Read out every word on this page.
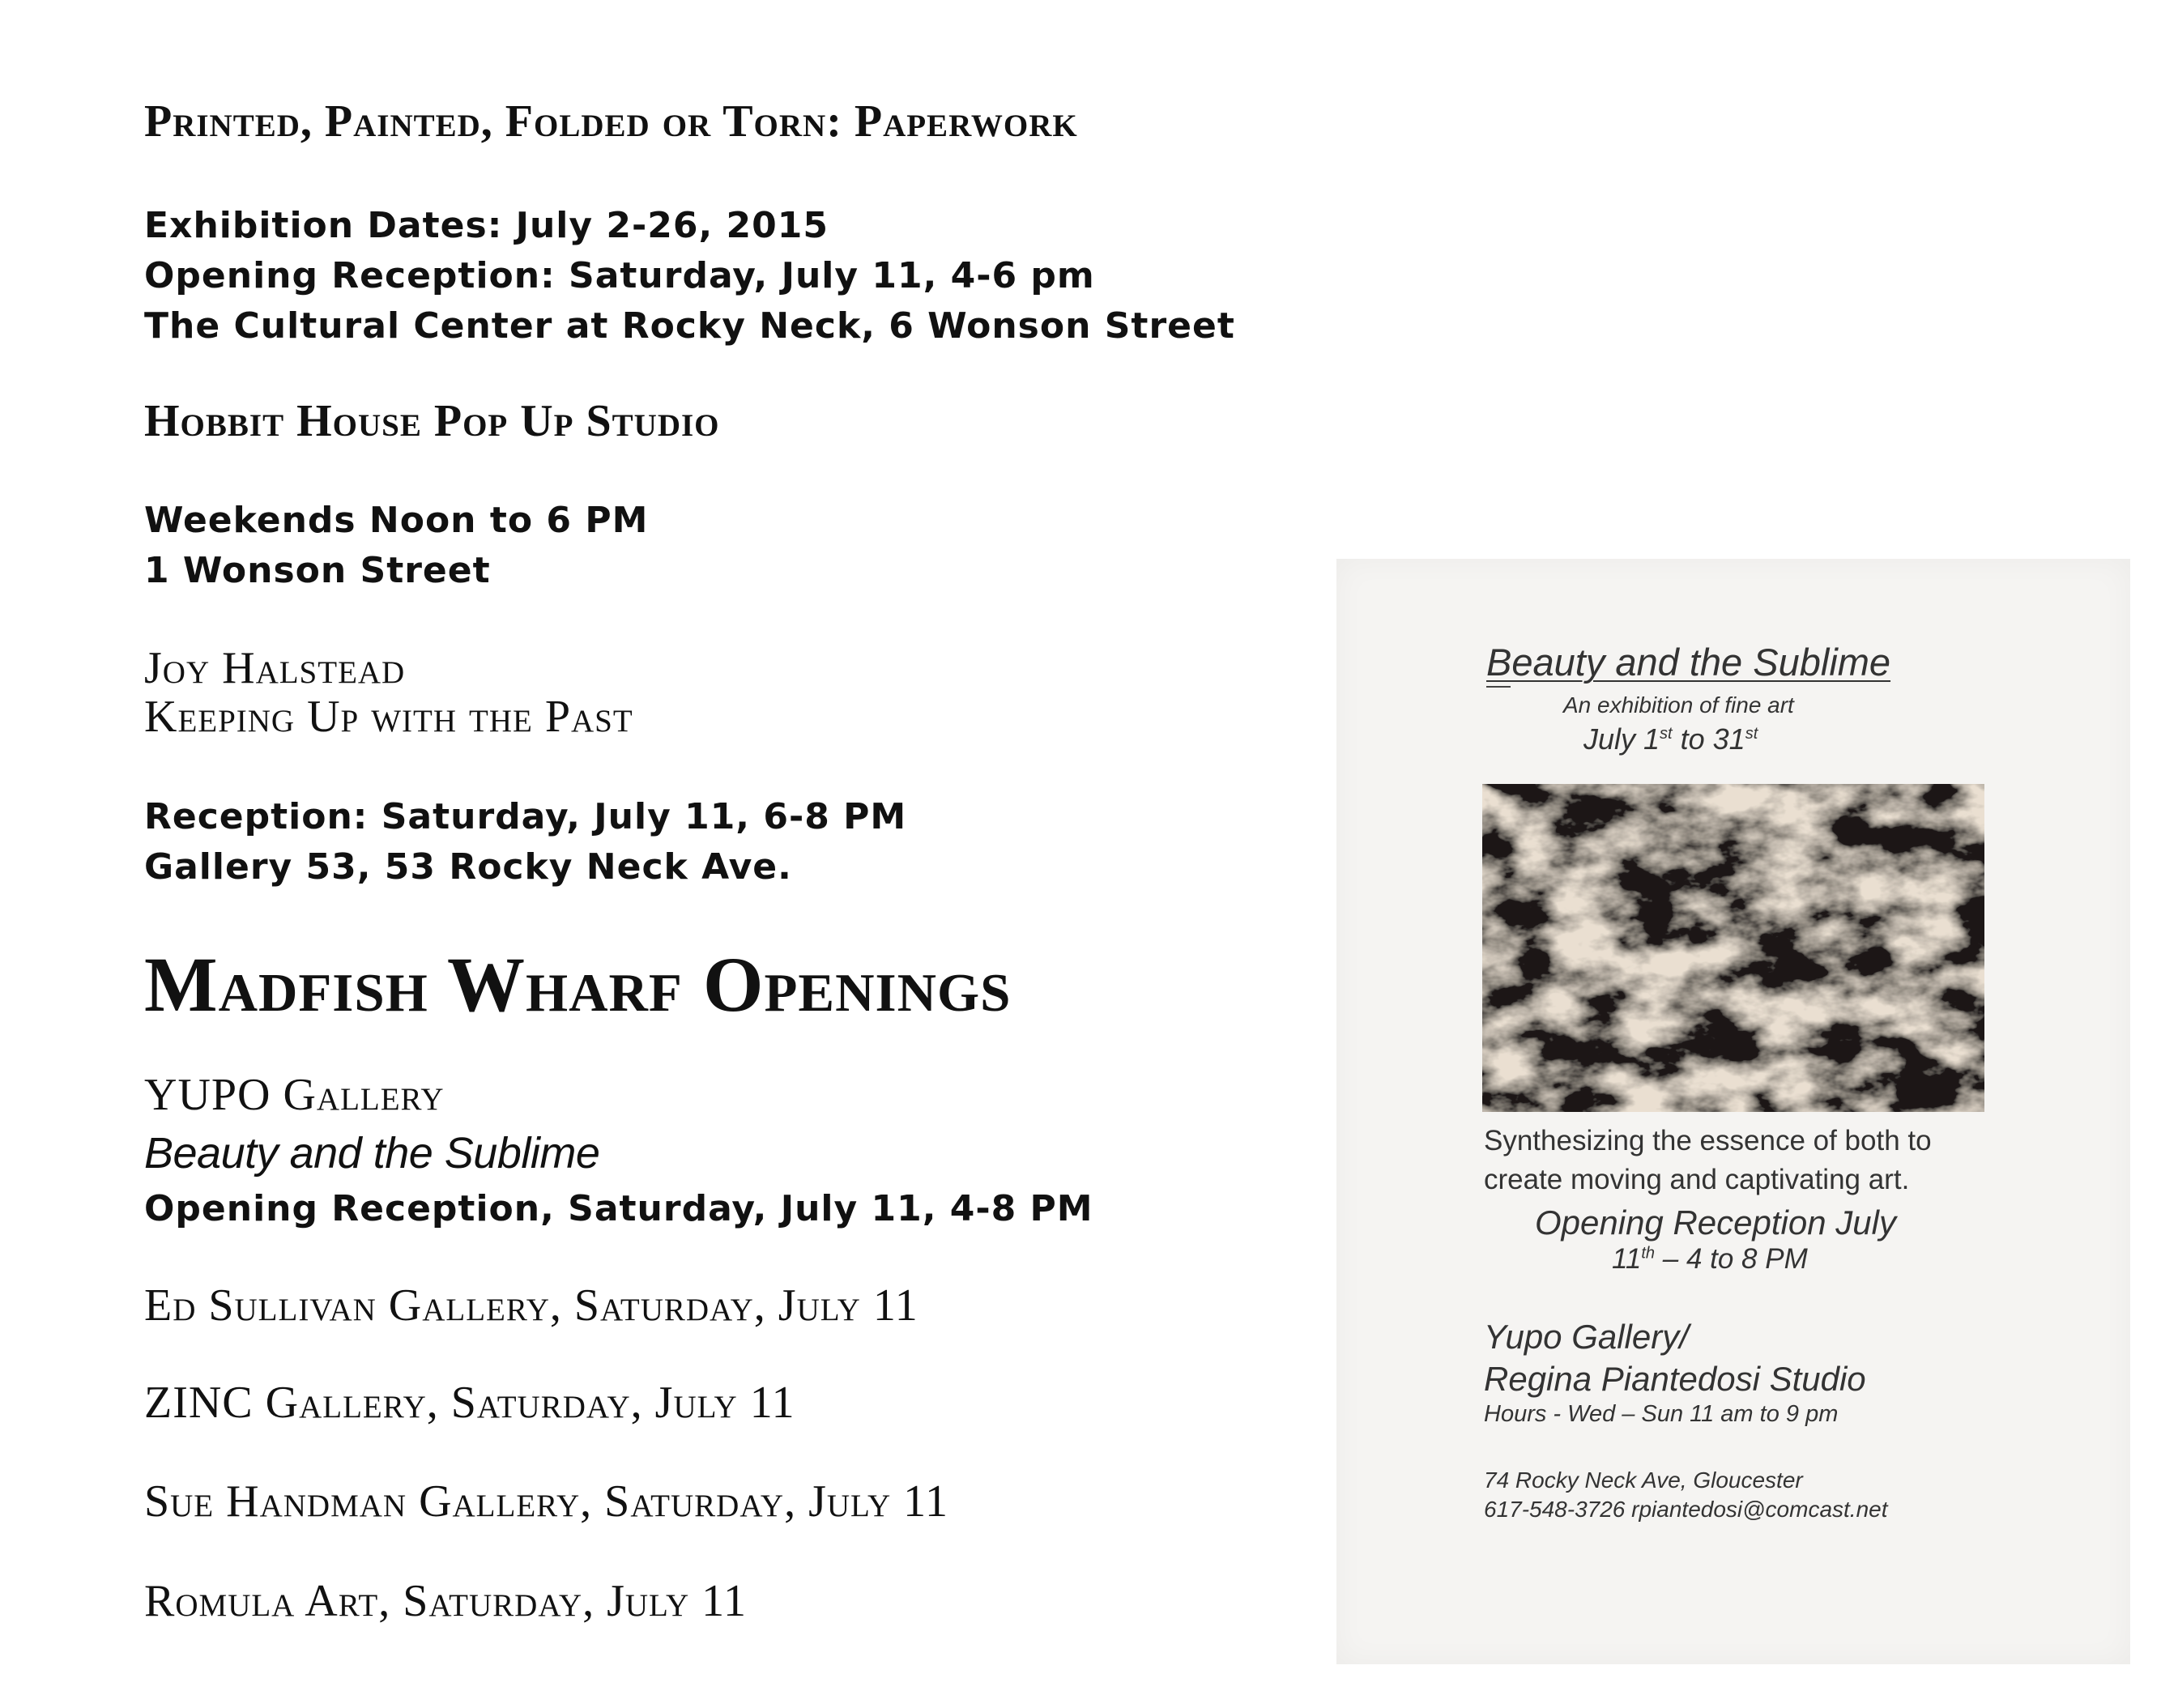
Printed, Painted, Folded or Torn: Paperwork
Exhibition Dates: July 2-26, 2015
Opening Reception: Saturday, July 11, 4-6 pm
The Cultural Center at Rocky Neck, 6 Wonson Street
Hobbit House Pop Up Studio
Weekends Noon to 6 PM
1 Wonson Street
Joy Halstead
Keeping Up with the Past
Reception: Saturday, July 11, 6-8 PM
Gallery 53, 53 Rocky Neck Ave.
Madfish Wharf Openings
YUPO Gallery
Beauty and the Sublime
Opening Reception, Saturday, July 11, 4-8 PM
Ed Sullivan Gallery, Saturday, July 11
ZINC Gallery, Saturday, July 11
Sue Handman Gallery, Saturday, July 11
Romula Art, Saturday, July 11
Beauty and the Sublime
An exhibition of fine art
July 1st to 31st
Synthesizing the essence of both to
create moving and captivating art.
Opening Reception July
11th – 4 to 8 PM
Yupo Gallery/
Regina Piantedosi Studio
Hours - Wed – Sun 11 am to 9 pm
74 Rocky Neck Ave, Gloucester
617-548-3726 rpiantedosi@comcast.net
